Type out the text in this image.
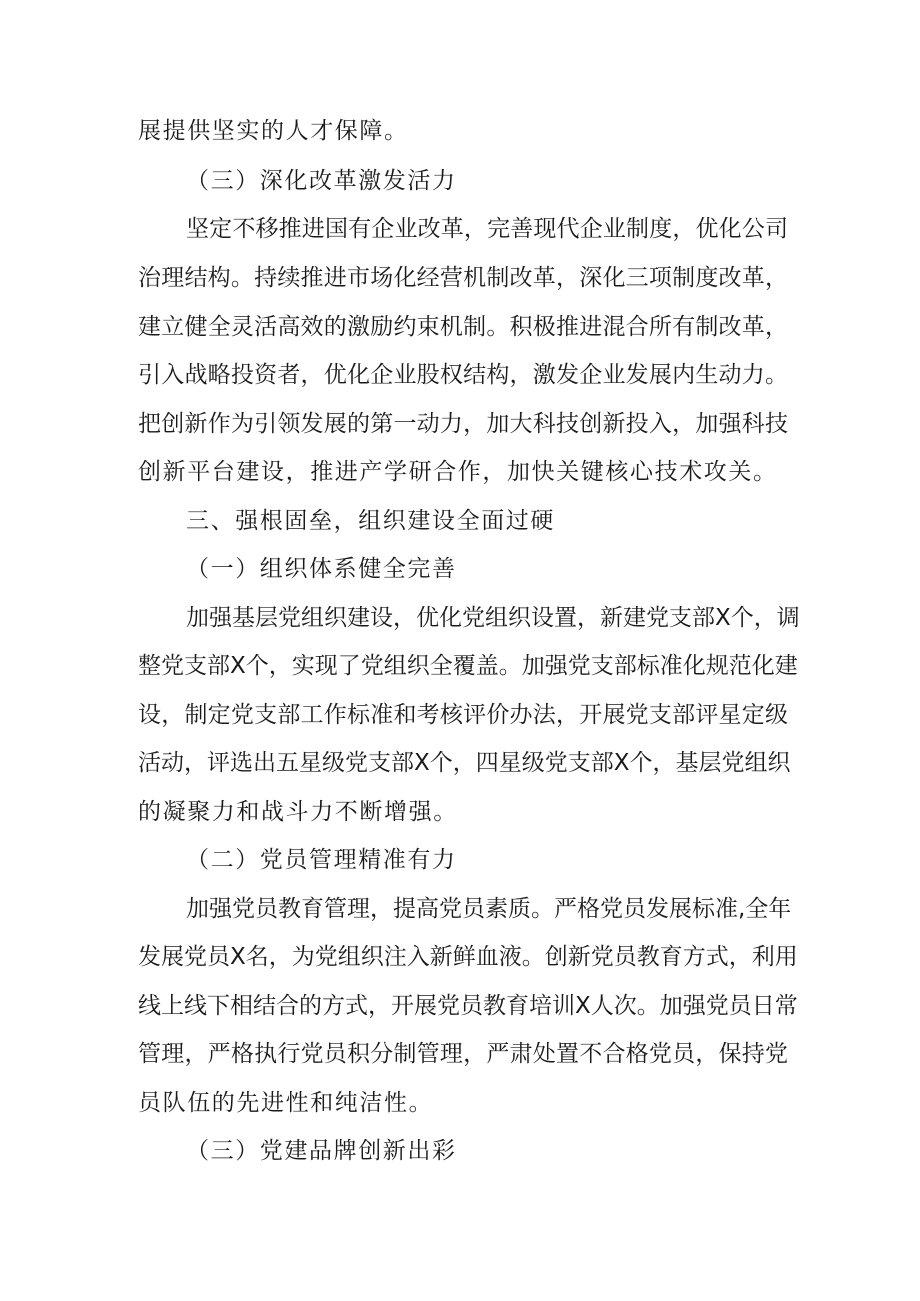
展提供坚实的人才保障。
（三）深化改革激发活力
坚定不移推进国有企业改革，完善现代企业制度，优化公司
治理结构。持续推进市场化经营机制改革，深化三项制度改革，
建立健全灵活高效的激励约束机制。积极推进混合所有制改革，
引入战略投资者，优化企业股权结构，激发企业发展内生动力。
把创新作为引领发展的第一动力，加大科技创新投入，加强科技
创新平台建设，推进产学研合作，加快关键核心技术攻关。
三、强根固垒，组织建设全面过硬
（一）组织体系健全完善
加强基层党组织建设，优化党组织设置，新建党支部X个，调
整党支部X个，实现了党组织全覆盖。加强党支部标准化规范化建
设，制定党支部工作标准和考核评价办法，开展党支部评星定级
活动，评选出五星级党支部X个，四星级党支部X个，基层党组织
的凝聚力和战斗力不断增强。
（二）党员管理精准有力
加强党员教育管理，提高党员素质。严格党员发展标准,全年
发展党员X名，为党组织注入新鲜血液。创新党员教育方式，利用
线上线下相结合的方式，开展党员教育培训X人次。加强党员日常
管理，严格执行党员积分制管理，严肃处置不合格党员，保持党
员队伍的先进性和纯洁性。
（三）党建品牌创新出彩
